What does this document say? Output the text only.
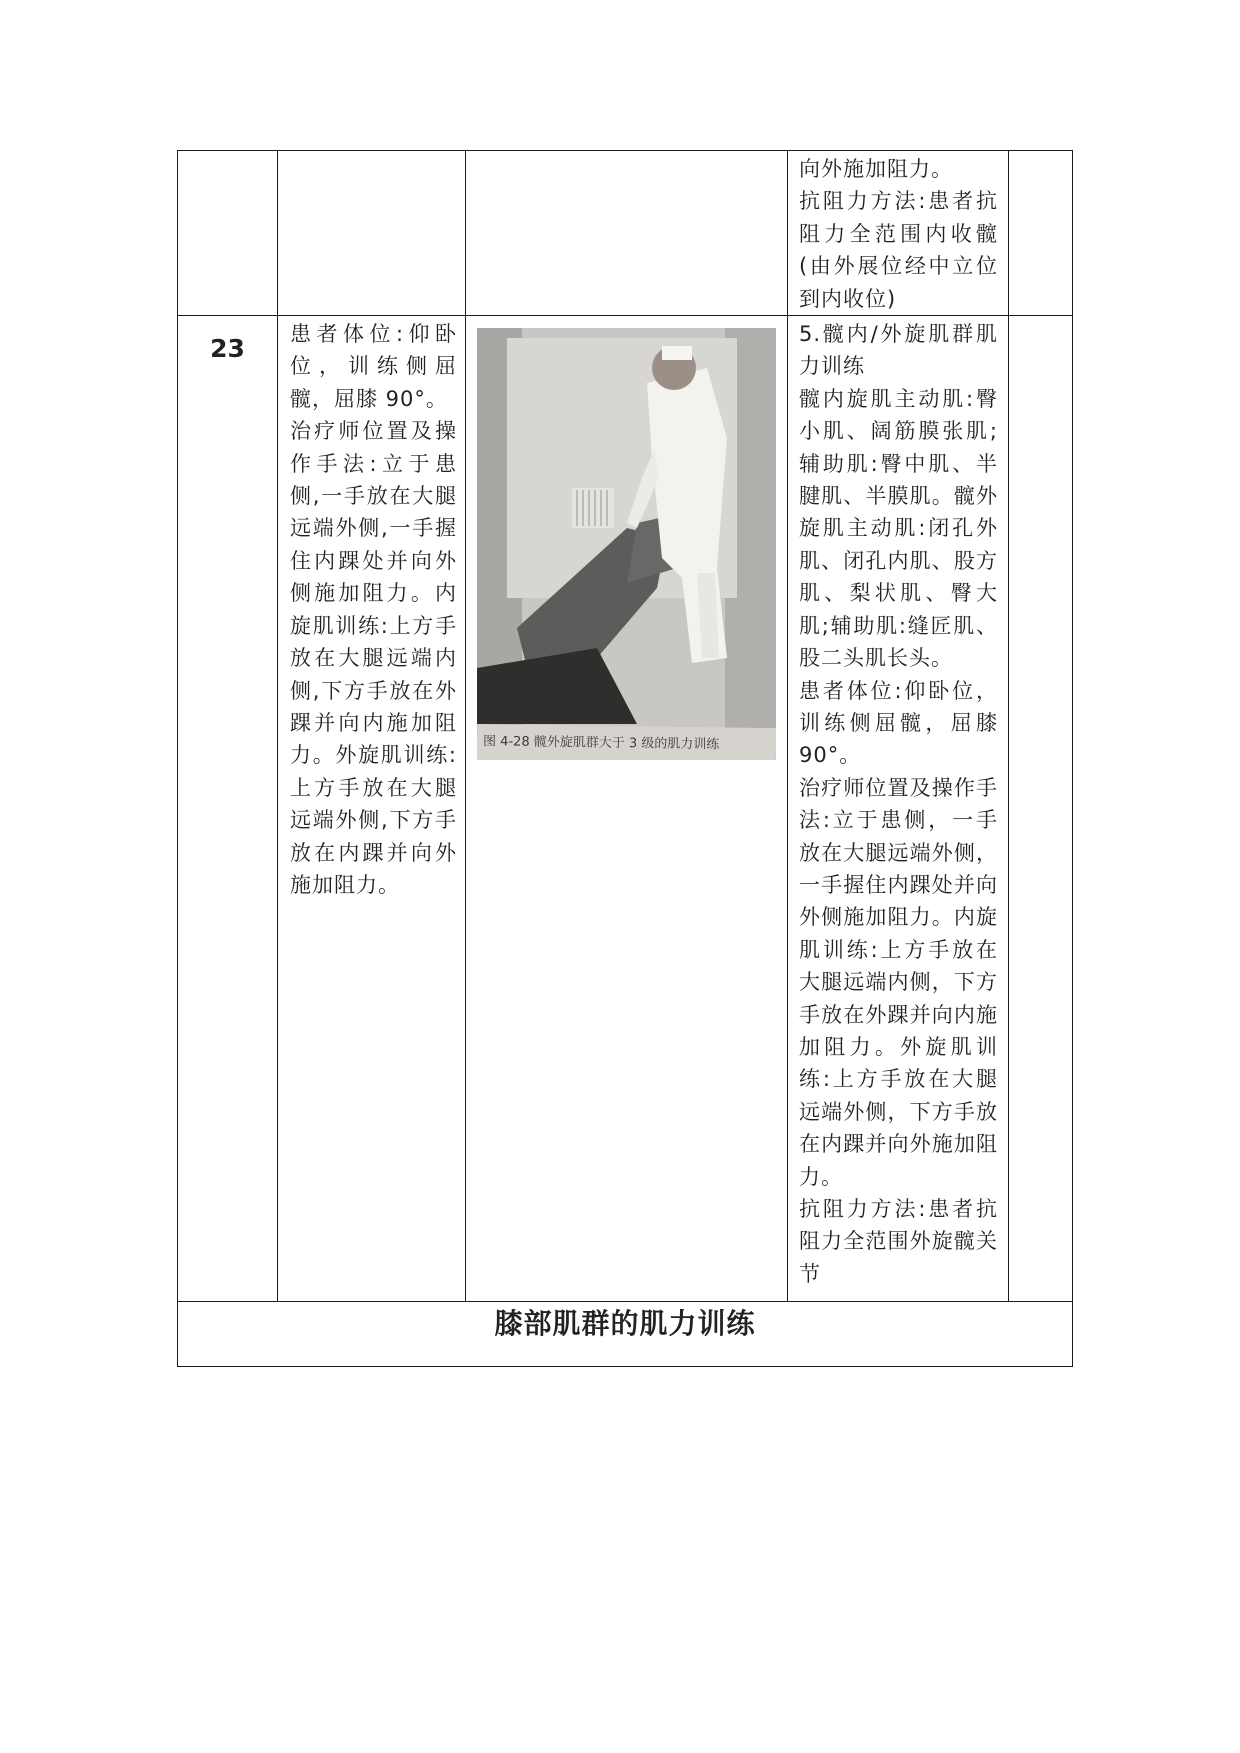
			向外施加阻力。
抗阻力方法:患者抗阻力全范围内收髋(由外展位经中立位到内收位)	

23	患者体位:仰卧位，训练侧屈髋，屈膝 90°。
治疗师位置及操作手法:立于患侧,一手放在大腿远端外侧,一手握住内踝处并向外侧施加阻力。内旋肌训练:上方手放在大腿远端内侧,下方手放在外踝并向内施加阻力。外旋肌训练:上方手放在大腿远端外侧,下方手放在内踝并向外施加阻力。	图 4-28 髋外旋肌群大于 3 级的肌力训练	5.髋内/外旋肌群肌力训练
髋内旋肌主动肌:臀小肌、阔筋膜张肌;辅助肌:臀中肌、半腱肌、半膜肌。髋外旋肌主动肌:闭孔外肌、闭孔内肌、股方肌、梨状肌、臀大肌;辅助肌:缝匠肌、股二头肌长头。
患者体位:仰卧位，训练侧屈髋，屈膝90°。
治疗师位置及操作手法:立于患侧，一手放在大腿远端外侧，一手握住内踝处并向外侧施加阻力。内旋肌训练:上方手放在大腿远端内侧，下方手放在外踝并向内施加阻力。外旋肌训练:上方手放在大腿远端外侧，下方手放在内踝并向外施加阻力。
抗阻力方法:患者抗阻力全范围外旋髋关节	

膝部肌群的肌力训练				
